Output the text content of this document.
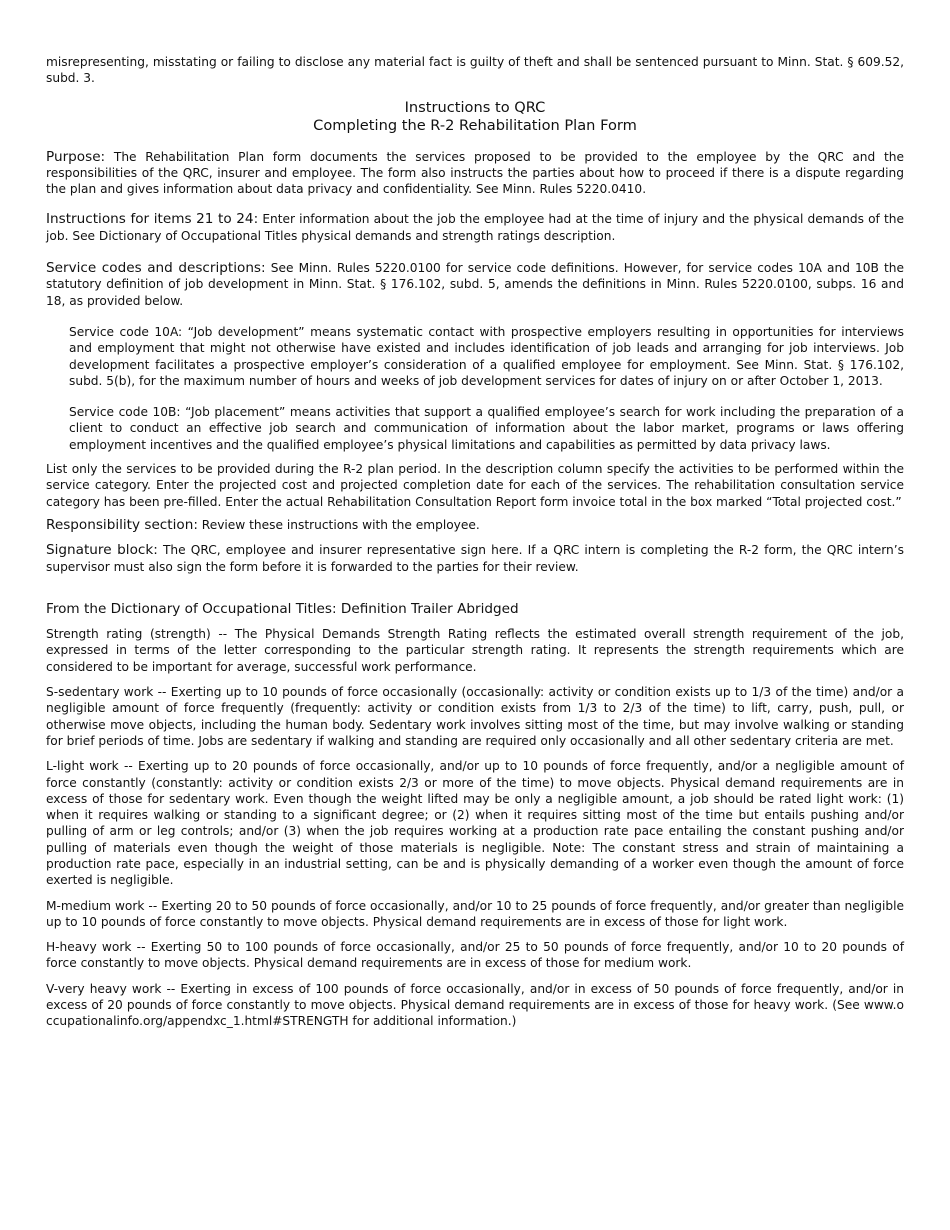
misrepresenting, misstating or failing to disclose any material fact is guilty of theft and shall be sentenced pursuant to Minn. Stat. § 609.52, subd. 3.

Instructions to QRC

Completing the R-2 Rehabilitation Plan Form

Purpose: The Rehabilitation Plan form documents the services proposed to be provided to the employee by the QRC and the responsibilities of the QRC, insurer and employee. The form also instructs the parties about how to proceed if there is a dispute regarding the plan and gives information about data privacy and confidentiality. See Minn. Rules 5220.0410.

Instructions for items 21 to 24: Enter information about the job the employee had at the time of injury and the physical demands of the job. See Dictionary of Occupational Titles physical demands and strength ratings description.

Service codes and descriptions: See Minn. Rules 5220.0100 for service code definitions. However, for service codes 10A and 10B the statutory definition of job development in Minn. Stat. § 176.102, subd. 5, amends the definitions in Minn. Rules 5220.0100, subps. 16 and 18, as provided below.

Service code 10A: “Job development” means systematic contact with prospective employers resulting in opportunities for interviews and employment that might not otherwise have existed and includes identification of job leads and arranging for job interviews. Job development facilitates a prospective employer’s consideration of a qualified employee for employment. See Minn. Stat. § 176.102, subd. 5(b), for the maximum number of hours and weeks of job development services for dates of injury on or after October 1, 2013.

Service code 10B: “Job placement” means activities that support a qualified employee’s search for work including the preparation of a client to conduct an effective job search and communication of information about the labor market, programs or laws offering employment incentives and the qualified employee’s physical limitations and capabilities as permitted by data privacy laws.

List only the services to be provided during the R-2 plan period. In the description column specify the activities to be performed within the service category. Enter the projected cost and projected completion date for each of the services. The rehabilitation consultation service category has been pre-filled. Enter the actual Rehabilitation Consultation Report form invoice total in the box marked “Total projected cost.”

Responsibility section: Review these instructions with the employee.

Signature block: The QRC, employee and insurer representative sign here. If a QRC intern is completing the R-2 form, the QRC intern’s supervisor must also sign the form before it is forwarded to the parties for their review.

From the Dictionary of Occupational Titles: Definition Trailer Abridged

Strength rating (strength) -- The Physical Demands Strength Rating reflects the estimated overall strength requirement of the job, expressed in terms of the letter corresponding to the particular strength rating. It represents the strength requirements which are considered to be important for average, successful work performance.

S-sedentary work -- Exerting up to 10 pounds of force occasionally (occasionally: activity or condition exists up to 1/3 of the time) and/or a negligible amount of force frequently (frequently: activity or condition exists from 1/3 to 2/3 of the time) to lift, carry, push, pull, or otherwise move objects, including the human body. Sedentary work involves sitting most of the time, but may involve walking or standing for brief periods of time. Jobs are sedentary if walking and standing are required only occasionally and all other sedentary criteria are met.

L-light work -- Exerting up to 20 pounds of force occasionally, and/or up to 10 pounds of force frequently, and/or a negligible amount of force constantly (constantly: activity or condition exists 2/3 or more of the time) to move objects. Physical demand requirements are in excess of those for sedentary work. Even though the weight lifted may be only a negligible amount, a job should be rated light work: (1) when it requires walking or standing to a significant degree; or (2) when it requires sitting most of the time but entails pushing and/or pulling of arm or leg controls; and/or (3) when the job requires working at a production rate pace entailing the constant pushing and/or pulling of materials even though the weight of those materials is negligible. Note: The constant stress and strain of maintaining a production rate pace, especially in an industrial setting, can be and is physically demanding of a worker even though the amount of force exerted is negligible.

M-medium work -- Exerting 20 to 50 pounds of force occasionally, and/or 10 to 25 pounds of force frequently, and/or greater than negligible up to 10 pounds of force constantly to move objects. Physical demand requirements are in excess of those for light work.

H-heavy work -- Exerting 50 to 100 pounds of force occasionally, and/or 25 to 50 pounds of force frequently, and/or 10 to 20 pounds of force constantly to move objects. Physical demand requirements are in excess of those for medium work.

V-very heavy work -- Exerting in excess of 100 pounds of force occasionally, and/or in excess of 50 pounds of force frequently, and/or in excess of 20 pounds of force constantly to move objects. Physical demand requirements are in excess of those for heavy work. (See www.occupationalinfo.org/appendxc_1.html#STRENGTH for additional information.)
